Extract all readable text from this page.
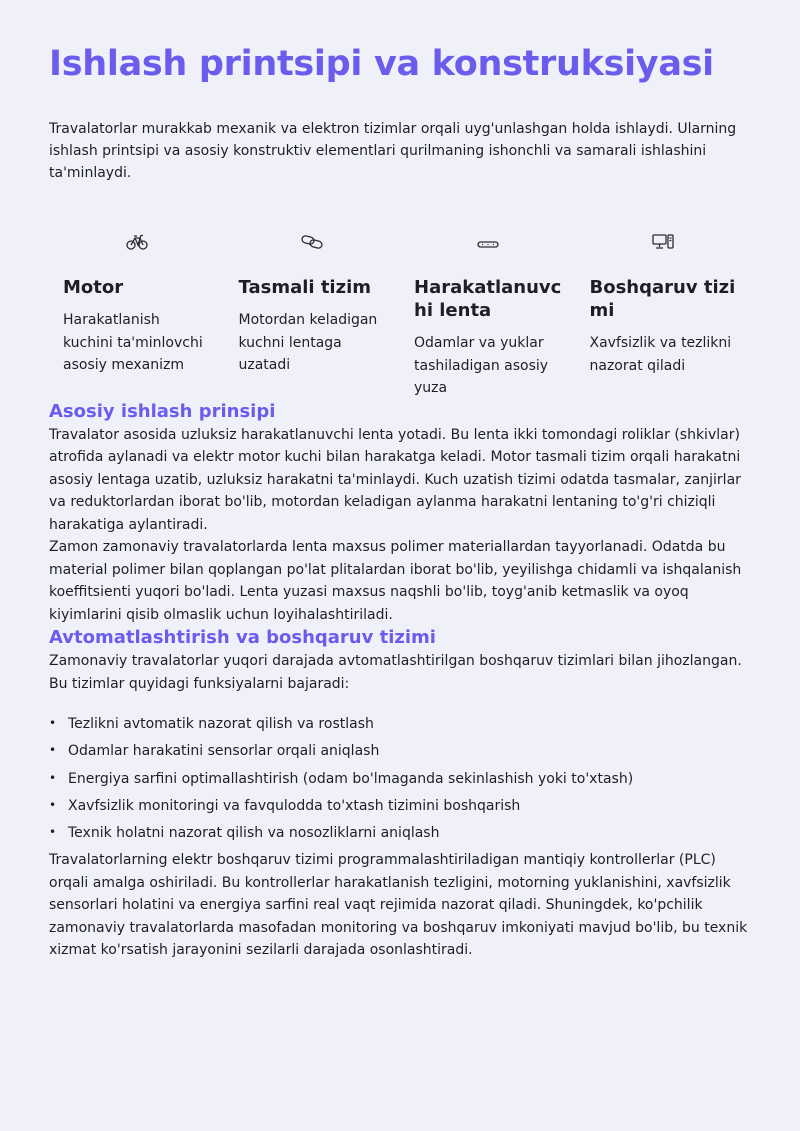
Ishlash printsipi va konstruksiyasi

Travalatorlar murakkab mexanik va elektron tizimlar orqali uyg'unlashgan holda ishlaydi. Ularning ishlash printsipi va asosiy konstruktiv elementlari qurilmaning ishonchli va samarali ishlashini ta'minlaydi.

Motor

Harakatlanish kuchini ta'minlovchi asosiy mexanizm

Tasmali tizim

Motordan keladigan kuchni lentaga uzatadi

Harakatlanuvchi lenta

Odamlar va yuklar tashiladigan asosiy yuza

Boshqaruv tizimi

Xavfsizlik va tezlikni nazorat qiladi

Asosiy ishlash prinsipi

Travalator asosida uzluksiz harakatlanuvchi lenta yotadi. Bu lenta ikki tomondagi roliklar (shkivlar) atrofida aylanadi va elektr motor kuchi bilan harakatga keladi. Motor tasmali tizim orqali harakatni asosiy lentaga uzatib, uzluksiz harakatni ta'minlaydi. Kuch uzatish tizimi odatda tasmalar, zanjirlar va reduktorlardan iborat bo'lib, motordan keladigan aylanma harakatni lentaning to'g'ri chiziqli harakatiga aylantiradi.

Zamon zamonaviy travalatorlarda lenta maxsus polimer materiallardan tayyorlanadi. Odatda bu material polimer bilan qoplangan po'lat plitalardan iborat bo'lib, yeyilishga chidamli va ishqalanish koeffitsienti yuqori bo'ladi. Lenta yuzasi maxsus naqshli bo'lib, toyg'anib ketmaslik va oyoq kiyimlarini qisib olmaslik uchun loyihalashtiriladi.

Avtomatlashtirish va boshqaruv tizimi

Zamonaviy travalatorlar yuqori darajada avtomatlashtirilgan boshqaruv tizimlari bilan jihozlangan. Bu tizimlar quyidagi funksiyalarni bajaradi:

• Tezlikni avtomatik nazorat qilish va rostlash
• Odamlar harakatini sensorlar orqali aniqlash
• Energiya sarfini optimallashtirish (odam bo'lmaganda sekinlashish yoki to'xtash)
• Xavfsizlik monitoringi va favqulodda to'xtash tizimini boshqarish
• Texnik holatni nazorat qilish va nosozliklarni aniqlash

Travalatorlarning elektr boshqaruv tizimi programmalashtiriladigan mantiqiy kontrollerlar (PLC) orqali amalga oshiriladi. Bu kontrollerlar harakatlanish tezligini, motorning yuklanishini, xavfsizlik sensorlari holatini va energiya sarfini real vaqt rejimida nazorat qiladi. Shuningdek, ko'pchilik zamonaviy travalatorlarda masofadan monitoring va boshqaruv imkoniyati mavjud bo'lib, bu texnik xizmat ko'rsatish jarayonini sezilarli darajada osonlashtiradi.
